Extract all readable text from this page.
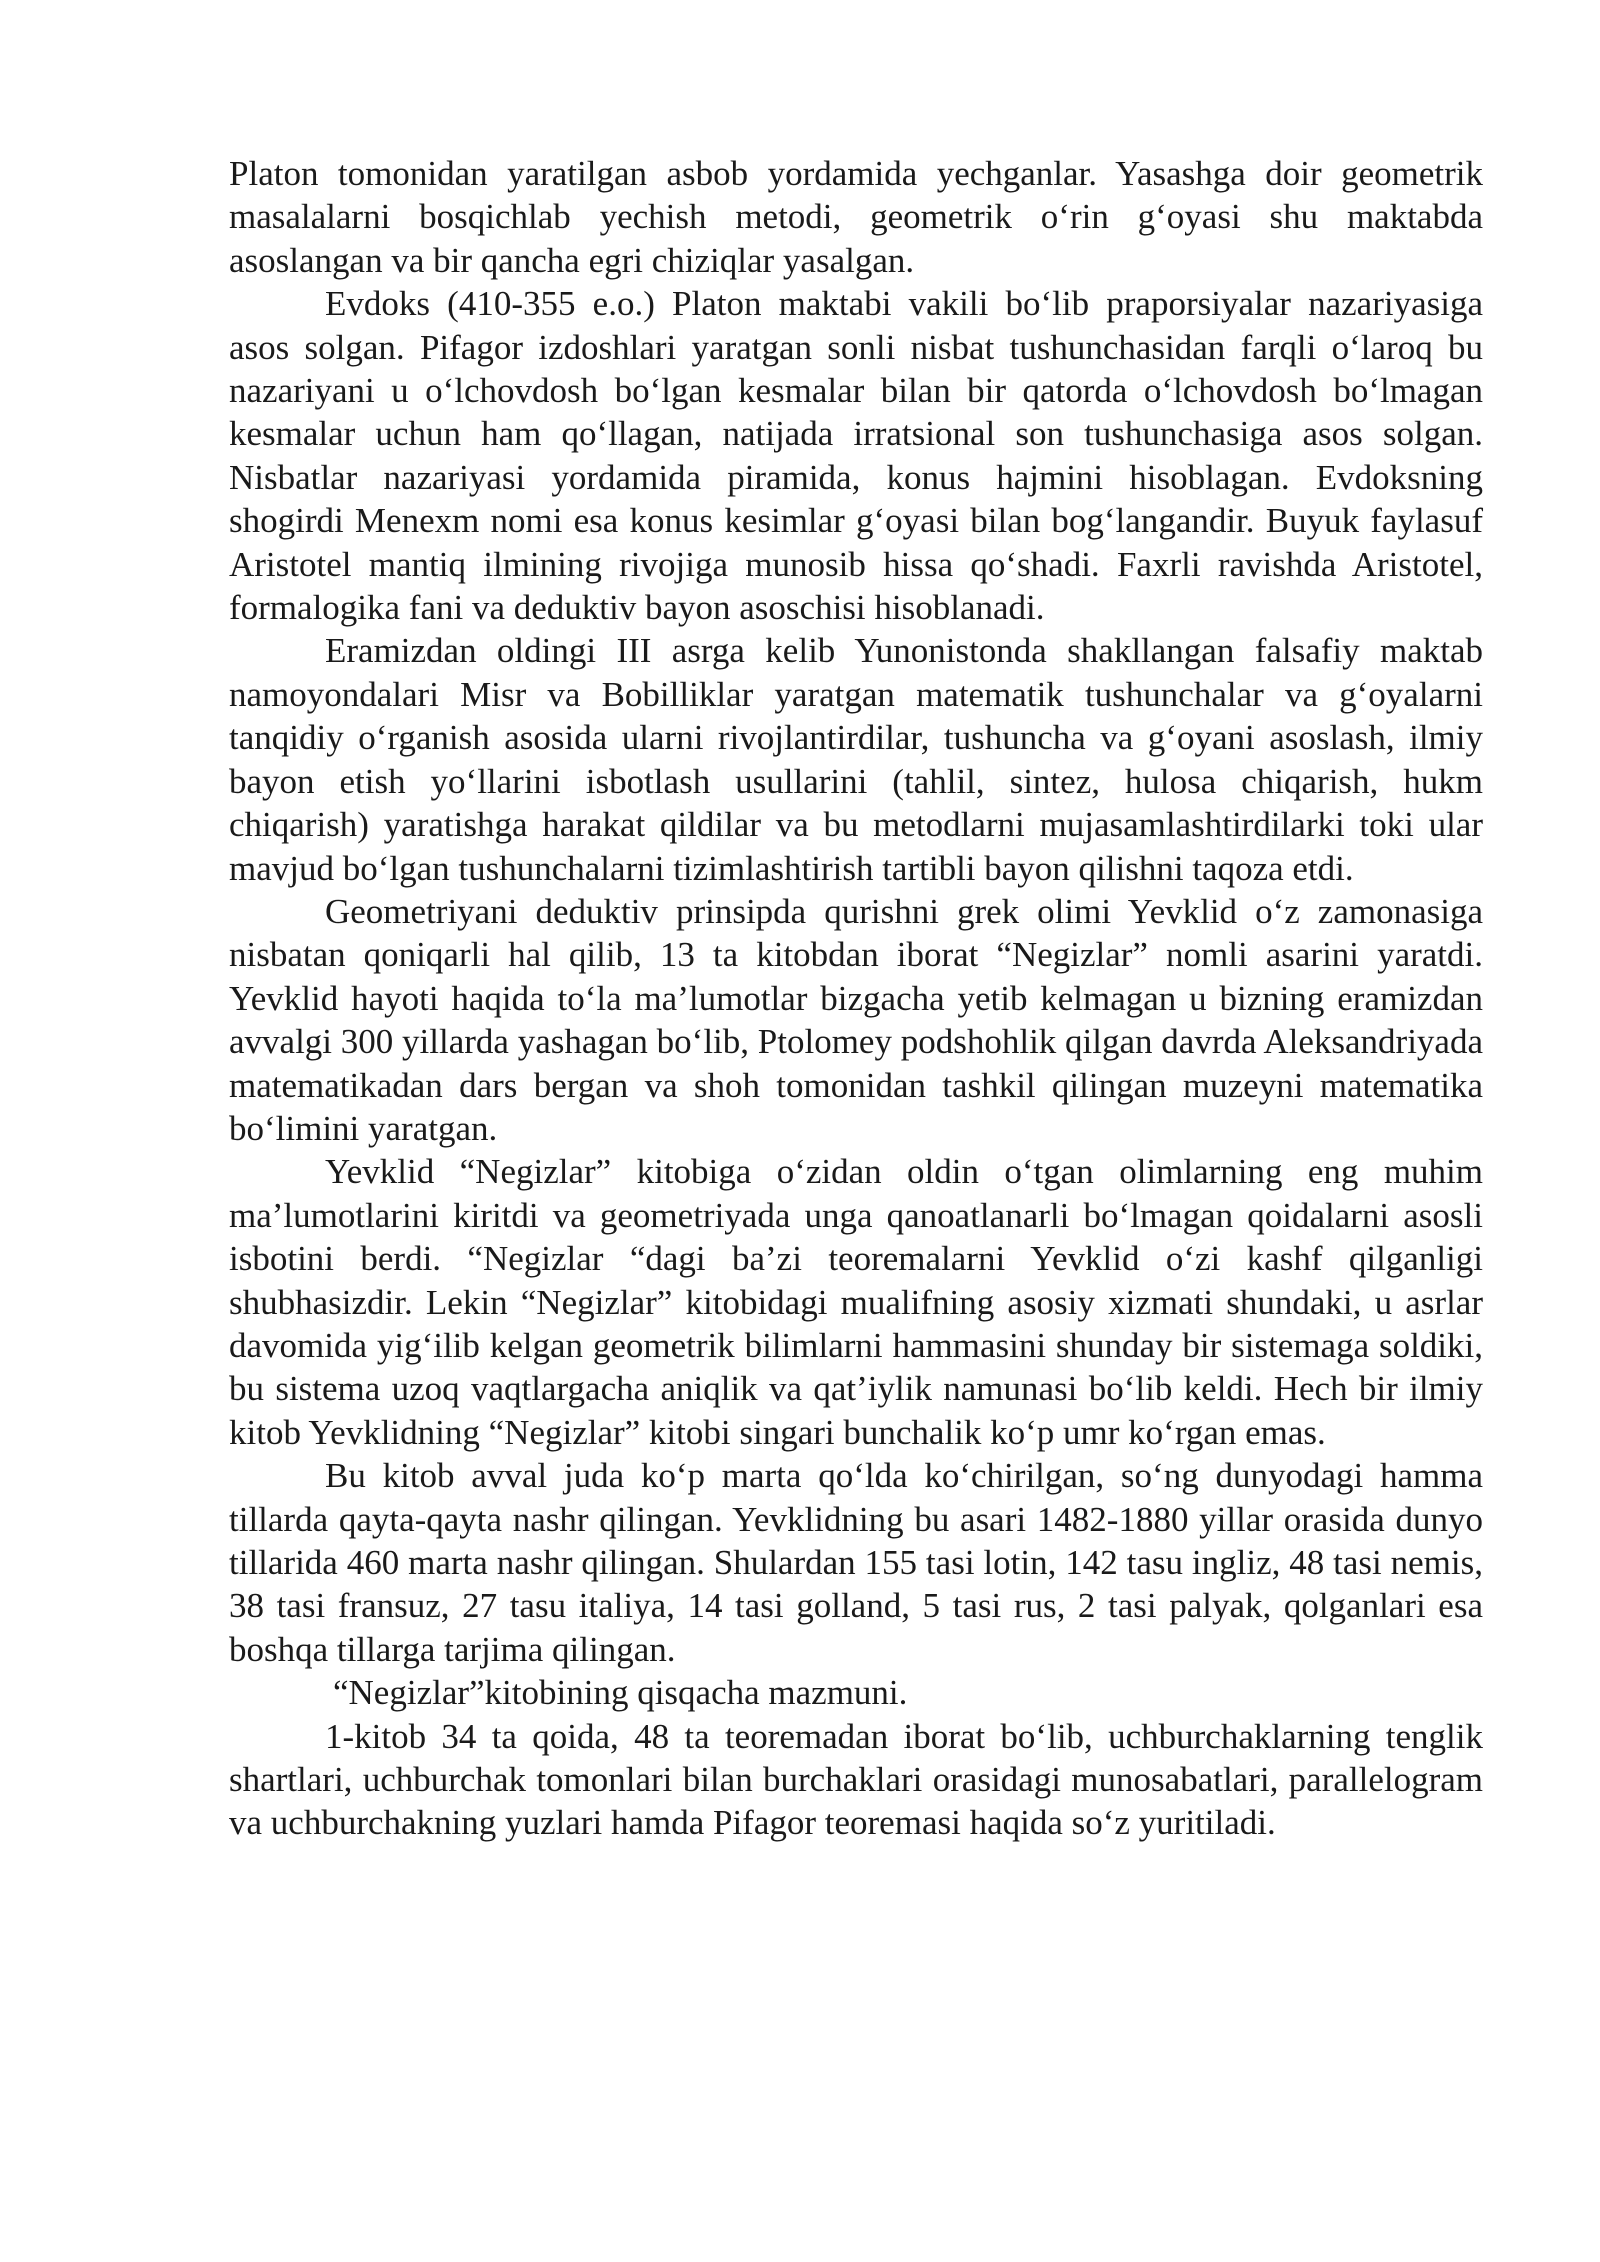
Platon tomonidan yaratilgan asbob yordamida yechganlar. Yasashga doir geometrik masalalarni bosqichlab yechish metodi, geometrik o‘rin g‘oyasi shu maktabda asoslangan va bir qancha egri chiziqlar yasalgan.

Evdoks (410-355 e.o.) Platon maktabi vakili bo‘lib praporsiyalar nazariyasiga asos solgan. Pifagor izdoshlari yaratgan sonli nisbat tushunchasidan farqli o‘laroq bu nazariyani u o‘lchovdosh bo‘lgan kesmalar bilan bir qatorda o‘lchovdosh bo‘lmagan kesmalar uchun ham qo‘llagan, natijada irratsional son tushunchasiga asos solgan. Nisbatlar nazariyasi yordamida piramida, konus hajmini hisoblagan. Evdoksning shogirdi Menexm nomi esa konus kesimlar g‘oyasi bilan bog‘langandir. Buyuk faylasuf Aristotel mantiq ilmining rivojiga munosib hissa qo‘shadi. Faxrli ravishda Aristotel, formalogika fani va deduktiv bayon asoschisi hisoblanadi.

Eramizdan oldingi III asrga kelib Yunonistonda shakllangan falsafiy maktab namoyondalari Misr va Bobilliklar yaratgan matematik tushunchalar va g‘oyalarni tanqidiy o‘rganish asosida ularni rivojlantirdilar, tushuncha va g‘oyani asoslash, ilmiy bayon etish yo‘llarini isbotlash usullarini (tahlil, sintez, hulosa chiqarish, hukm chiqarish) yaratishga harakat qildilar va bu metodlarni mujasamlashtirdilarki toki ular mavjud bo‘lgan tushunchalarni tizimlashtirish tartibli bayon qilishni taqoza etdi.

Geometriyani deduktiv prinsipda qurishni grek olimi Yevklid o‘z zamonasiga nisbatan qoniqarli hal qilib, 13 ta kitobdan iborat “Negizlar” nomli asarini yaratdi. Yevklid hayoti haqida to‘la ma’lumotlar bizgacha yetib kelmagan u bizning eramizdan avvalgi 300 yillarda yashagan bo‘lib, Ptolomey podshohlik qilgan davrda Aleksandriyada matematikadan dars bergan va shoh tomonidan tashkil qilingan muzeyni matematika bo‘limini yaratgan.

Yevklid “Negizlar” kitobiga o‘zidan oldin o‘tgan olimlarning eng muhim ma’lumotlarini kiritdi va geometriyada unga qanoatlanarli bo‘lmagan qoidalarni asosli isbotini berdi. “Negizlar “dagi ba’zi teoremalarni Yevklid o‘zi kashf qilganligi shubhasizdir. Lekin “Negizlar” kitobidagi mualifning asosiy xizmati shundaki, u asrlar davomida yig‘ilib kelgan geometrik bilimlarni hammasini shunday bir sistemaga soldiki, bu sistema uzoq vaqtlargacha aniqlik va qat’iylik namunasi bo‘lib keldi. Hech bir ilmiy kitob Yevklidning “Negizlar” kitobi singari bunchalik ko‘p umr ko‘rgan emas.

Bu kitob avval juda ko‘p marta qo‘lda ko‘chirilgan, so‘ng dunyodagi hamma tillarda qayta-qayta nashr qilingan. Yevklidning bu asari 1482-1880 yillar orasida dunyo tillarida 460 marta nashr qilingan. Shulardan 155 tasi lotin, 142 tasu ingliz, 48 tasi nemis, 38 tasi fransuz, 27 tasu italiya, 14 tasi golland, 5 tasi rus, 2 tasi palyak, qolganlari esa boshqa tillarga tarjima qilingan.

“Negizlar”kitobining qisqacha mazmuni.

1-kitob 34 ta qoida, 48 ta teoremadan iborat bo‘lib, uchburchaklarning tenglik shartlari, uchburchak tomonlari bilan burchaklari orasidagi munosabatlari, parallelogram va uchburchakning yuzlari hamda Pifagor teoremasi haqida so‘z yuritiladi.
